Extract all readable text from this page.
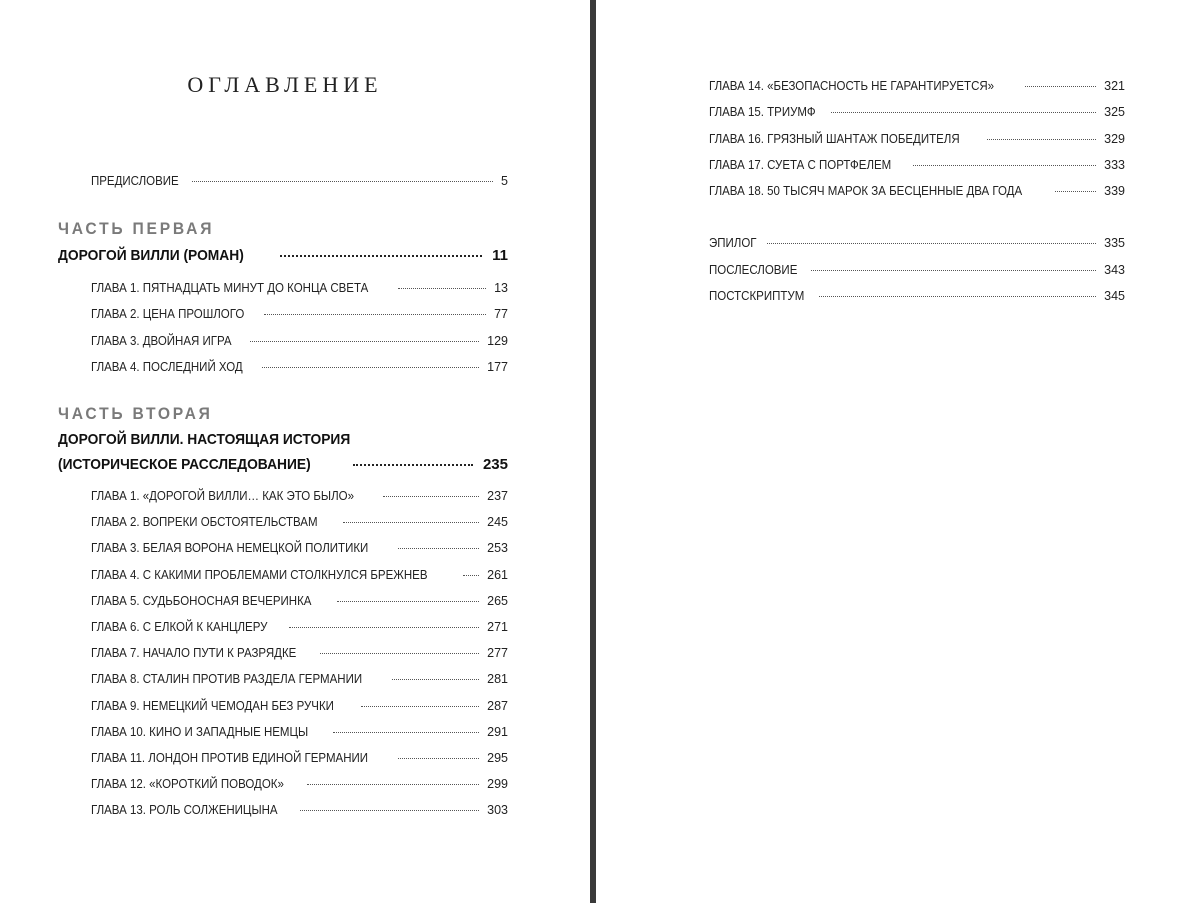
ОГЛАВЛЕНИЕ
ПРЕДИСЛОВИЕ	5
ЧАСТЬ ПЕРВАЯ
ДОРОГОЙ ВИЛЛИ (РОМАН)	11
ГЛАВА 1. ПЯТНАДЦАТЬ МИНУТ ДО КОНЦА СВЕТА	13
ГЛАВА 2. ЦЕНА ПРОШЛОГО	77
ГЛАВА 3. ДВОЙНАЯ ИГРА	129
ГЛАВА 4. ПОСЛЕДНИЙ ХОД	177
ЧАСТЬ ВТОРАЯ
ДОРОГОЙ ВИЛЛИ. НАСТОЯЩАЯ ИСТОРИЯ
(ИСТОРИЧЕСКОЕ РАССЛЕДОВАНИЕ)	235
ГЛАВА 1. «ДОРОГОЙ ВИЛЛИ… КАК ЭТО БЫЛО»	237
ГЛАВА 2. ВОПРЕКИ ОБСТОЯТЕЛЬСТВАМ	245
ГЛАВА 3. БЕЛАЯ ВОРОНА НЕМЕЦКОЙ ПОЛИТИКИ	253
ГЛАВА 4. С КАКИМИ ПРОБЛЕМАМИ СТОЛКНУЛСЯ БРЕЖНЕВ	261
ГЛАВА 5. СУДЬБОНОСНАЯ ВЕЧЕРИНКА	265
ГЛАВА 6. С ЕЛКОЙ К КАНЦЛЕРУ	271
ГЛАВА 7. НАЧАЛО ПУТИ К РАЗРЯДКЕ	277
ГЛАВА 8. СТАЛИН ПРОТИВ РАЗДЕЛА ГЕРМАНИИ	281
ГЛАВА 9. НЕМЕЦКИЙ ЧЕМОДАН БЕЗ РУЧКИ	287
ГЛАВА 10. КИНО И ЗАПАДНЫЕ НЕМЦЫ	291
ГЛАВА 11. ЛОНДОН ПРОТИВ ЕДИНОЙ ГЕРМАНИИ	295
ГЛАВА 12. «КОРОТКИЙ ПОВОДОК»	299
ГЛАВА 13. РОЛЬ СОЛЖЕНИЦЫНА	303
ГЛАВА 14. «БЕЗОПАСНОСТЬ НЕ ГАРАНТИРУЕТСЯ»	321
ГЛАВА 15. ТРИУМФ	325
ГЛАВА 16. ГРЯЗНЫЙ ШАНТАЖ ПОБЕДИТЕЛЯ	329
ГЛАВА 17. СУЕТА С ПОРТФЕЛЕМ	333
ГЛАВА 18. 50 ТЫСЯЧ МАРОК ЗА БЕСЦЕННЫЕ ДВА ГОДА	339
ЭПИЛОГ	335
ПОСЛЕСЛОВИЕ	343
ПОСТСКРИПТУМ	345
